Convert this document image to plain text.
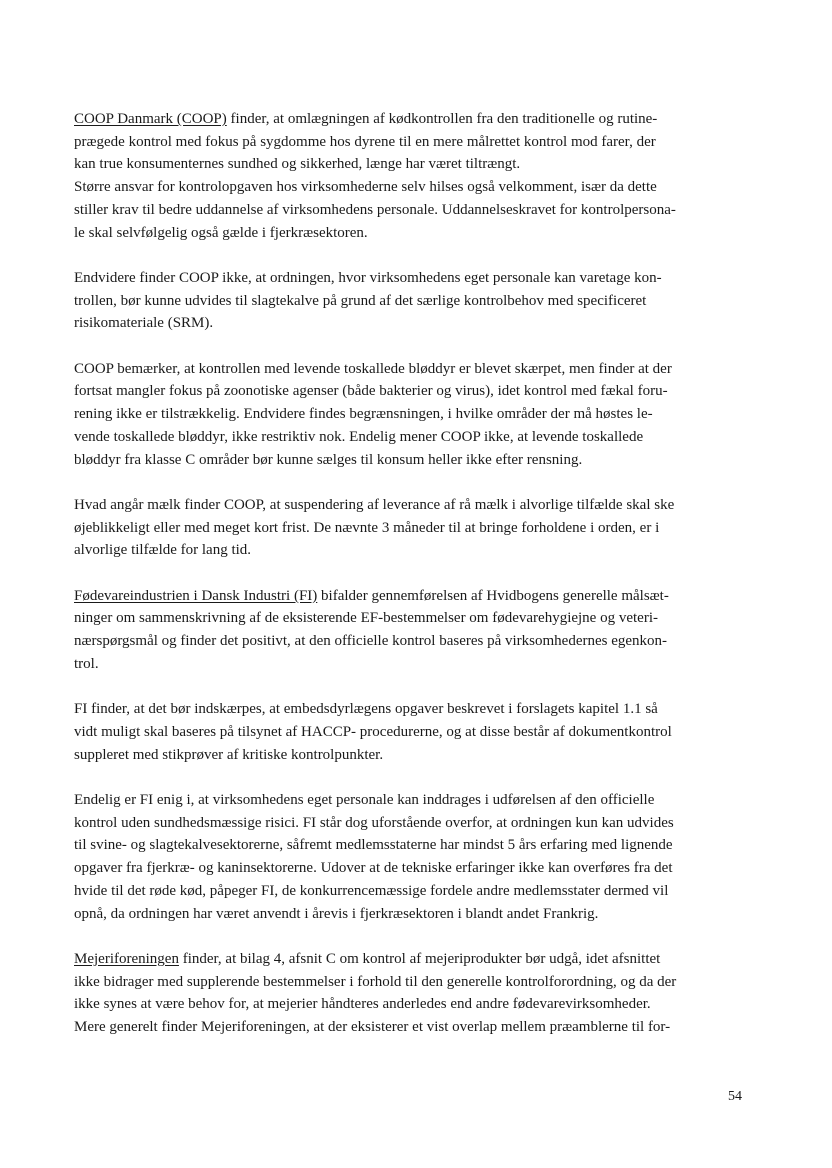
COOP Danmark (COOP) finder, at omlægningen af kødkontrollen fra den traditionelle og rutine-
prægede kontrol med fokus på sygdomme hos dyrene til en mere målrettet kontrol mod farer, der
kan true konsumenternes sundhed og sikkerhed, længe har været tiltrængt.
Større ansvar for kontrolopgaven hos virksomhederne selv hilses også velkomment, især da dette
stiller krav til bedre uddannelse af virksomhedens personale. Uddannelseskravet for kontrolpersona-
le skal selvfølgelig også gælde i fjerkræsektoren.

Endvidere finder COOP ikke, at ordningen, hvor virksomhedens eget personale kan varetage kon-
trollen, bør kunne udvides til slagtekalve på grund af det særlige kontrolbehov med specificeret
risikomateriale (SRM).

COOP bemærker, at kontrollen med levende toskallede bløddyr er blevet skærpet, men finder at der
fortsat mangler fokus på zoonotiske agenser (både bakterier og virus), idet kontrol med fækal foru-
rening ikke er tilstrækkelig. Endvidere findes begrænsningen, i hvilke områder der må høstes le-
vende toskallede bløddyr, ikke restriktiv nok. Endelig mener COOP ikke, at levende toskallede
bløddyr fra klasse C områder bør kunne sælges til konsum heller ikke efter rensning.

Hvad angår mælk finder COOP, at suspendering af leverance af rå mælk i alvorlige tilfælde skal ske
øjeblikkeligt eller med meget kort frist. De nævnte 3 måneder til at bringe forholdene i orden, er i
alvorlige tilfælde for lang tid.

Fødevareindustrien i Dansk Industri (FI) bifalder gennemførelsen af Hvidbogens generelle målsæt-
ninger om sammenskrivning af de eksisterende EF-bestemmelser om fødevarehygiejne og veteri-
nærspørgsmål og finder det positivt, at den officielle kontrol baseres på virksomhedernes egenkon-
trol.

FI finder, at det bør indskærpes, at embedsdyrlægens opgaver beskrevet i forslagets kapitel 1.1 så
vidt muligt skal baseres på tilsynet af HACCP- procedurerne, og at disse består af dokumentkontrol
suppleret med stikprøver af kritiske kontrolpunkter.

Endelig er FI enig i, at virksomhedens eget personale kan inddrages i udførelsen af den officielle
kontrol uden sundhedsmæssige risici. FI står dog uforstående overfor, at ordningen kun kan udvides
til svine- og slagtekalvesektorerne, såfremt medlemsstaterne har mindst 5 års erfaring med lignende
opgaver fra fjerkræ- og kaninsektorerne. Udover at de tekniske erfaringer ikke kan overføres fra det
hvide til det røde kød, påpeger FI, de konkurrencemæssige fordele andre medlemsstater dermed vil
opnå, da ordningen har været anvendt i årevis i fjerkræsektoren i blandt andet Frankrig.

Mejeriforeningen finder, at bilag 4, afsnit C om kontrol af mejeriprodukter bør udgå, idet afsnittet
ikke bidrager med supplerende bestemmelser i forhold til den generelle kontrolforordning, og da der
ikke synes at være behov for, at mejerier håndteres anderledes end andre fødevarevirksomheder.
Mere generelt finder Mejeriforeningen, at der eksisterer et vist overlap mellem præamblerne til for-

54
